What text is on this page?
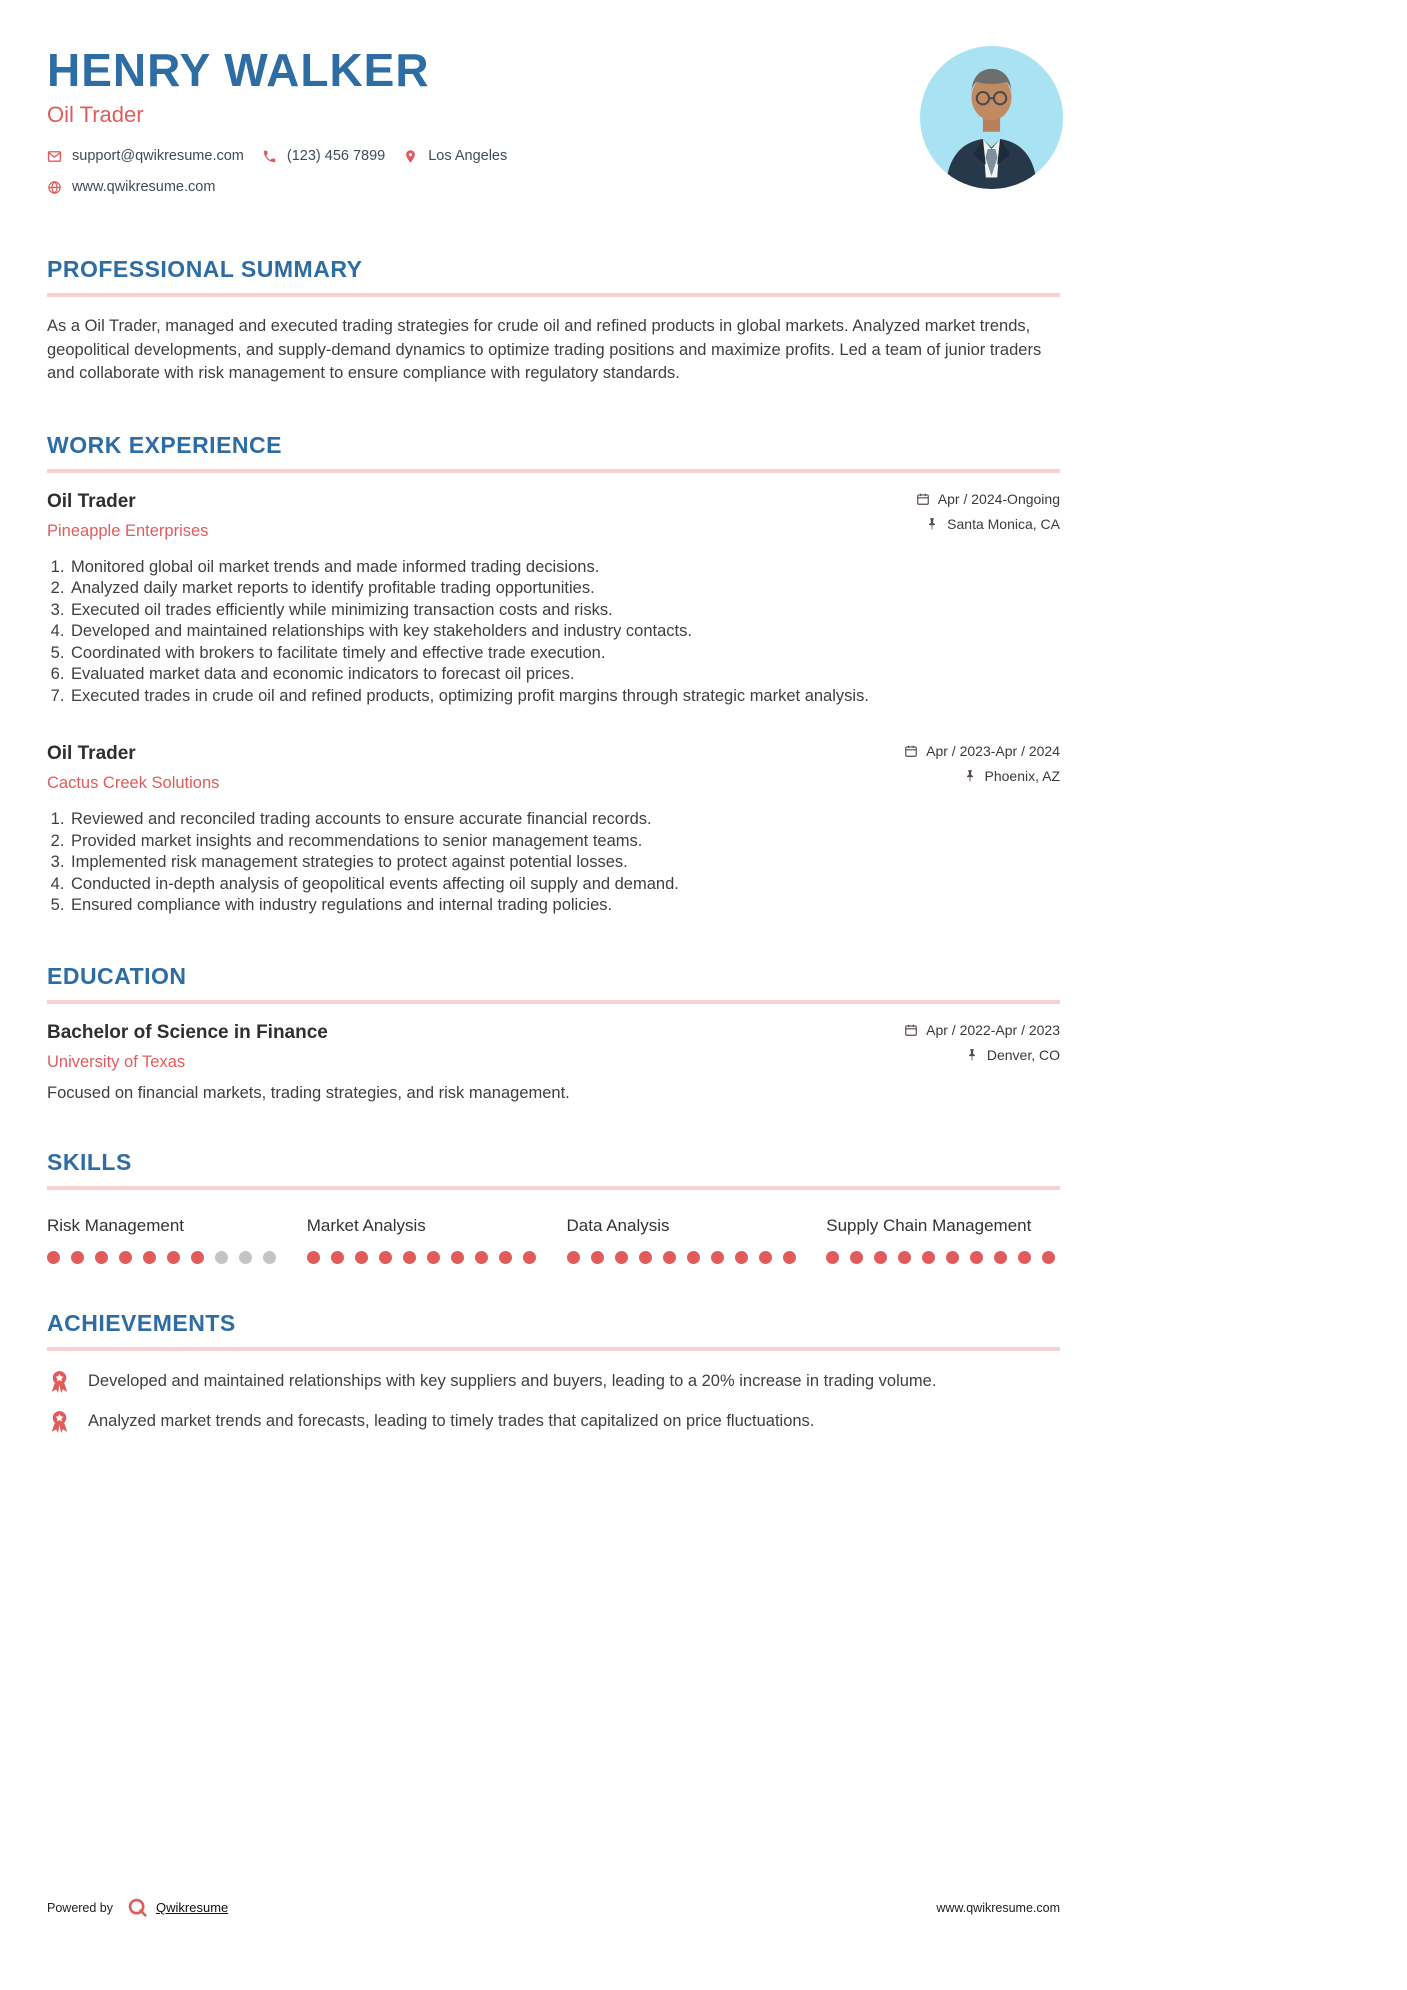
HENRY WALKER
Oil Trader
support@qwikresume.com	(123) 456 7899	Los Angeles
www.qwikresume.com
PROFESSIONAL SUMMARY

As a Oil Trader, managed and executed trading strategies for crude oil and refined products in global markets. Analyzed market trends, geopolitical developments, and supply-demand dynamics to optimize trading positions and maximize profits. Led a team of junior traders and collaborate with risk management to ensure compliance with regulatory standards.

WORK EXPERIENCE
Oil Trader
Pineapple Enterprises
Apr / 2024-Ongoing
Santa Monica, CA
1. Monitored global oil market trends and made informed trading decisions.
2. Analyzed daily market reports to identify profitable trading opportunities.
3. Executed oil trades efficiently while minimizing transaction costs and risks.
4. Developed and maintained relationships with key stakeholders and industry contacts.
5. Coordinated with brokers to facilitate timely and effective trade execution.
6. Evaluated market data and economic indicators to forecast oil prices.
7. Executed trades in crude oil and refined products, optimizing profit margins through strategic market analysis.
Oil Trader
Cactus Creek Solutions
Apr / 2023-Apr / 2024
Phoenix, AZ
1. Reviewed and reconciled trading accounts to ensure accurate financial records.
2. Provided market insights and recommendations to senior management teams.
3. Implemented risk management strategies to protect against potential losses.
4. Conducted in-depth analysis of geopolitical events affecting oil supply and demand.
5. Ensured compliance with industry regulations and internal trading policies.
EDUCATION
Bachelor of Science in Finance
University of Texas
Apr / 2022-Apr / 2023
Denver, CO

Focused on financial markets, trading strategies, and risk management.

SKILLS
Risk Management	Market Analysis	Data Analysis	Supply Chain Management
ACHIEVEMENTS

Developed and maintained relationships with key suppliers and buyers, leading to a 20% increase in trading volume.

Analyzed market trends and forecasts, leading to timely trades that capitalized on price fluctuations.

Powered by	Qwikresume	www.qwikresume.com
